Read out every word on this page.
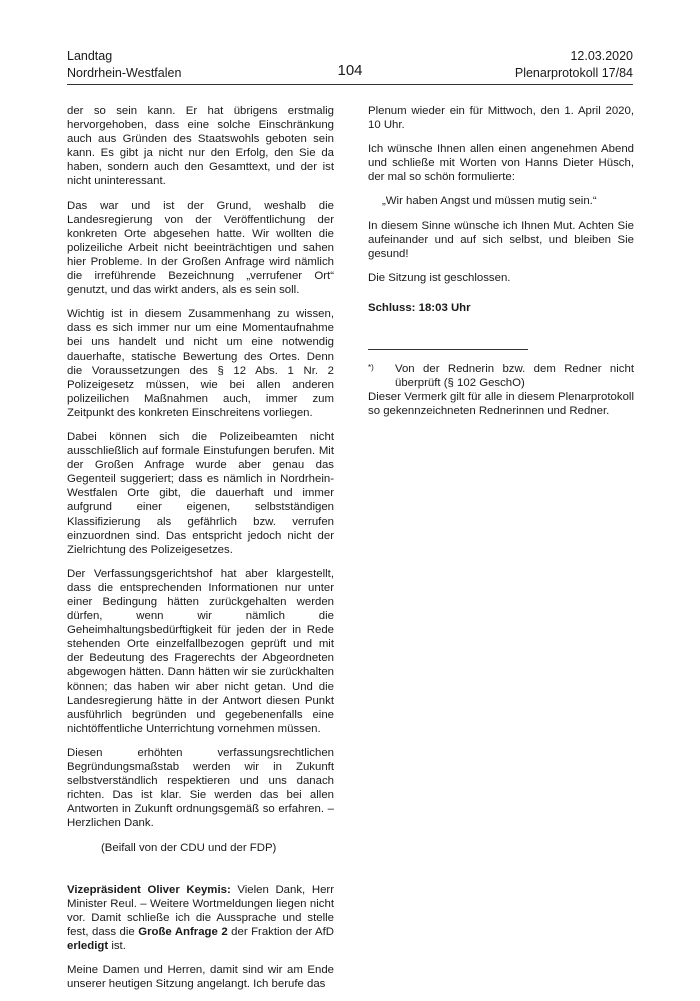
Landtag
Nordrhein-Westfalen	104
12.03.2020
Plenarprotokoll 17/84

der so sein kann. Er hat übrigens erstmalig hervorgehoben, dass eine solche Einschränkung auch aus Gründen des Staatswohls geboten sein kann. Es gibt ja nicht nur den Erfolg, den Sie da haben, sondern auch den Gesamttext, und der ist nicht uninteressant.

Das war und ist der Grund, weshalb die Landesregierung von der Veröffentlichung der konkreten Orte abgesehen hatte. Wir wollten die polizeiliche Arbeit nicht beeinträchtigen und sahen hier Probleme. In der Großen Anfrage wird nämlich die irreführende Bezeichnung „verrufener Ort“ genutzt, und das wirkt anders, als es sein soll.

Wichtig ist in diesem Zusammenhang zu wissen, dass es sich immer nur um eine Momentaufnahme bei uns handelt und nicht um eine notwendig dauerhafte, statische Bewertung des Ortes. Denn die Voraussetzungen des § 12 Abs. 1 Nr. 2 Polizeigesetz müssen, wie bei allen anderen polizeilichen Maßnahmen auch, immer zum Zeitpunkt des konkreten Einschreitens vorliegen.

Dabei können sich die Polizeibeamten nicht ausschließlich auf formale Einstufungen berufen. Mit der Großen Anfrage wurde aber genau das Gegenteil suggeriert; dass es nämlich in Nordrhein-Westfalen Orte gibt, die dauerhaft und immer aufgrund einer eigenen, selbstständigen Klassifizierung als gefährlich bzw. verrufen einzuordnen sind. Das entspricht jedoch nicht der Zielrichtung des Polizeigesetzes.

Der Verfassungsgerichtshof hat aber klargestellt, dass die entsprechenden Informationen nur unter einer Bedingung hätten zurückgehalten werden dürfen, wenn wir nämlich die Geheimhaltungsbedürftigkeit für jeden der in Rede stehenden Orte einzelfallbezogen geprüft und mit der Bedeutung des Fragerechts der Abgeordneten abgewogen hätten. Dann hätten wir sie zurückhalten können; das haben wir aber nicht getan. Und die Landesregierung hätte in der Antwort diesen Punkt ausführlich begründen und gegebenenfalls eine nichtöffentliche Unterrichtung vornehmen müssen.

Diesen erhöhten verfassungsrechtlichen Begründungsmaßstab werden wir in Zukunft selbstverständlich respektieren und uns danach richten. Das ist klar. Sie werden das bei allen Antworten in Zukunft ordnungsgemäß so erfahren. – Herzlichen Dank.

(Beifall von der CDU und der FDP)

Vizepräsident Oliver Keymis: Vielen Dank, Herr Minister Reul. – Weitere Wortmeldungen liegen nicht vor. Damit schließe ich die Aussprache und stelle fest, dass die Große Anfrage 2 der Fraktion der AfD erledigt ist.

Meine Damen und Herren, damit sind wir am Ende unserer heutigen Sitzung angelangt. Ich berufe das

Plenum wieder ein für Mittwoch, den 1. April 2020, 10 Uhr.

Ich wünsche Ihnen allen einen angenehmen Abend und schließe mit Worten von Hanns Dieter Hüsch, der mal so schön formulierte:

„Wir haben Angst und müssen mutig sein.“

In diesem Sinne wünsche ich Ihnen Mut. Achten Sie aufeinander und auf sich selbst, und bleiben Sie gesund!

Die Sitzung ist geschlossen.

Schluss: 18:03 Uhr

*)	Von der Rednerin bzw. dem Redner nicht überprüft (§ 102 GeschO)

Dieser Vermerk gilt für alle in diesem Plenarprotokoll so gekennzeichneten Rednerinnen und Redner.
